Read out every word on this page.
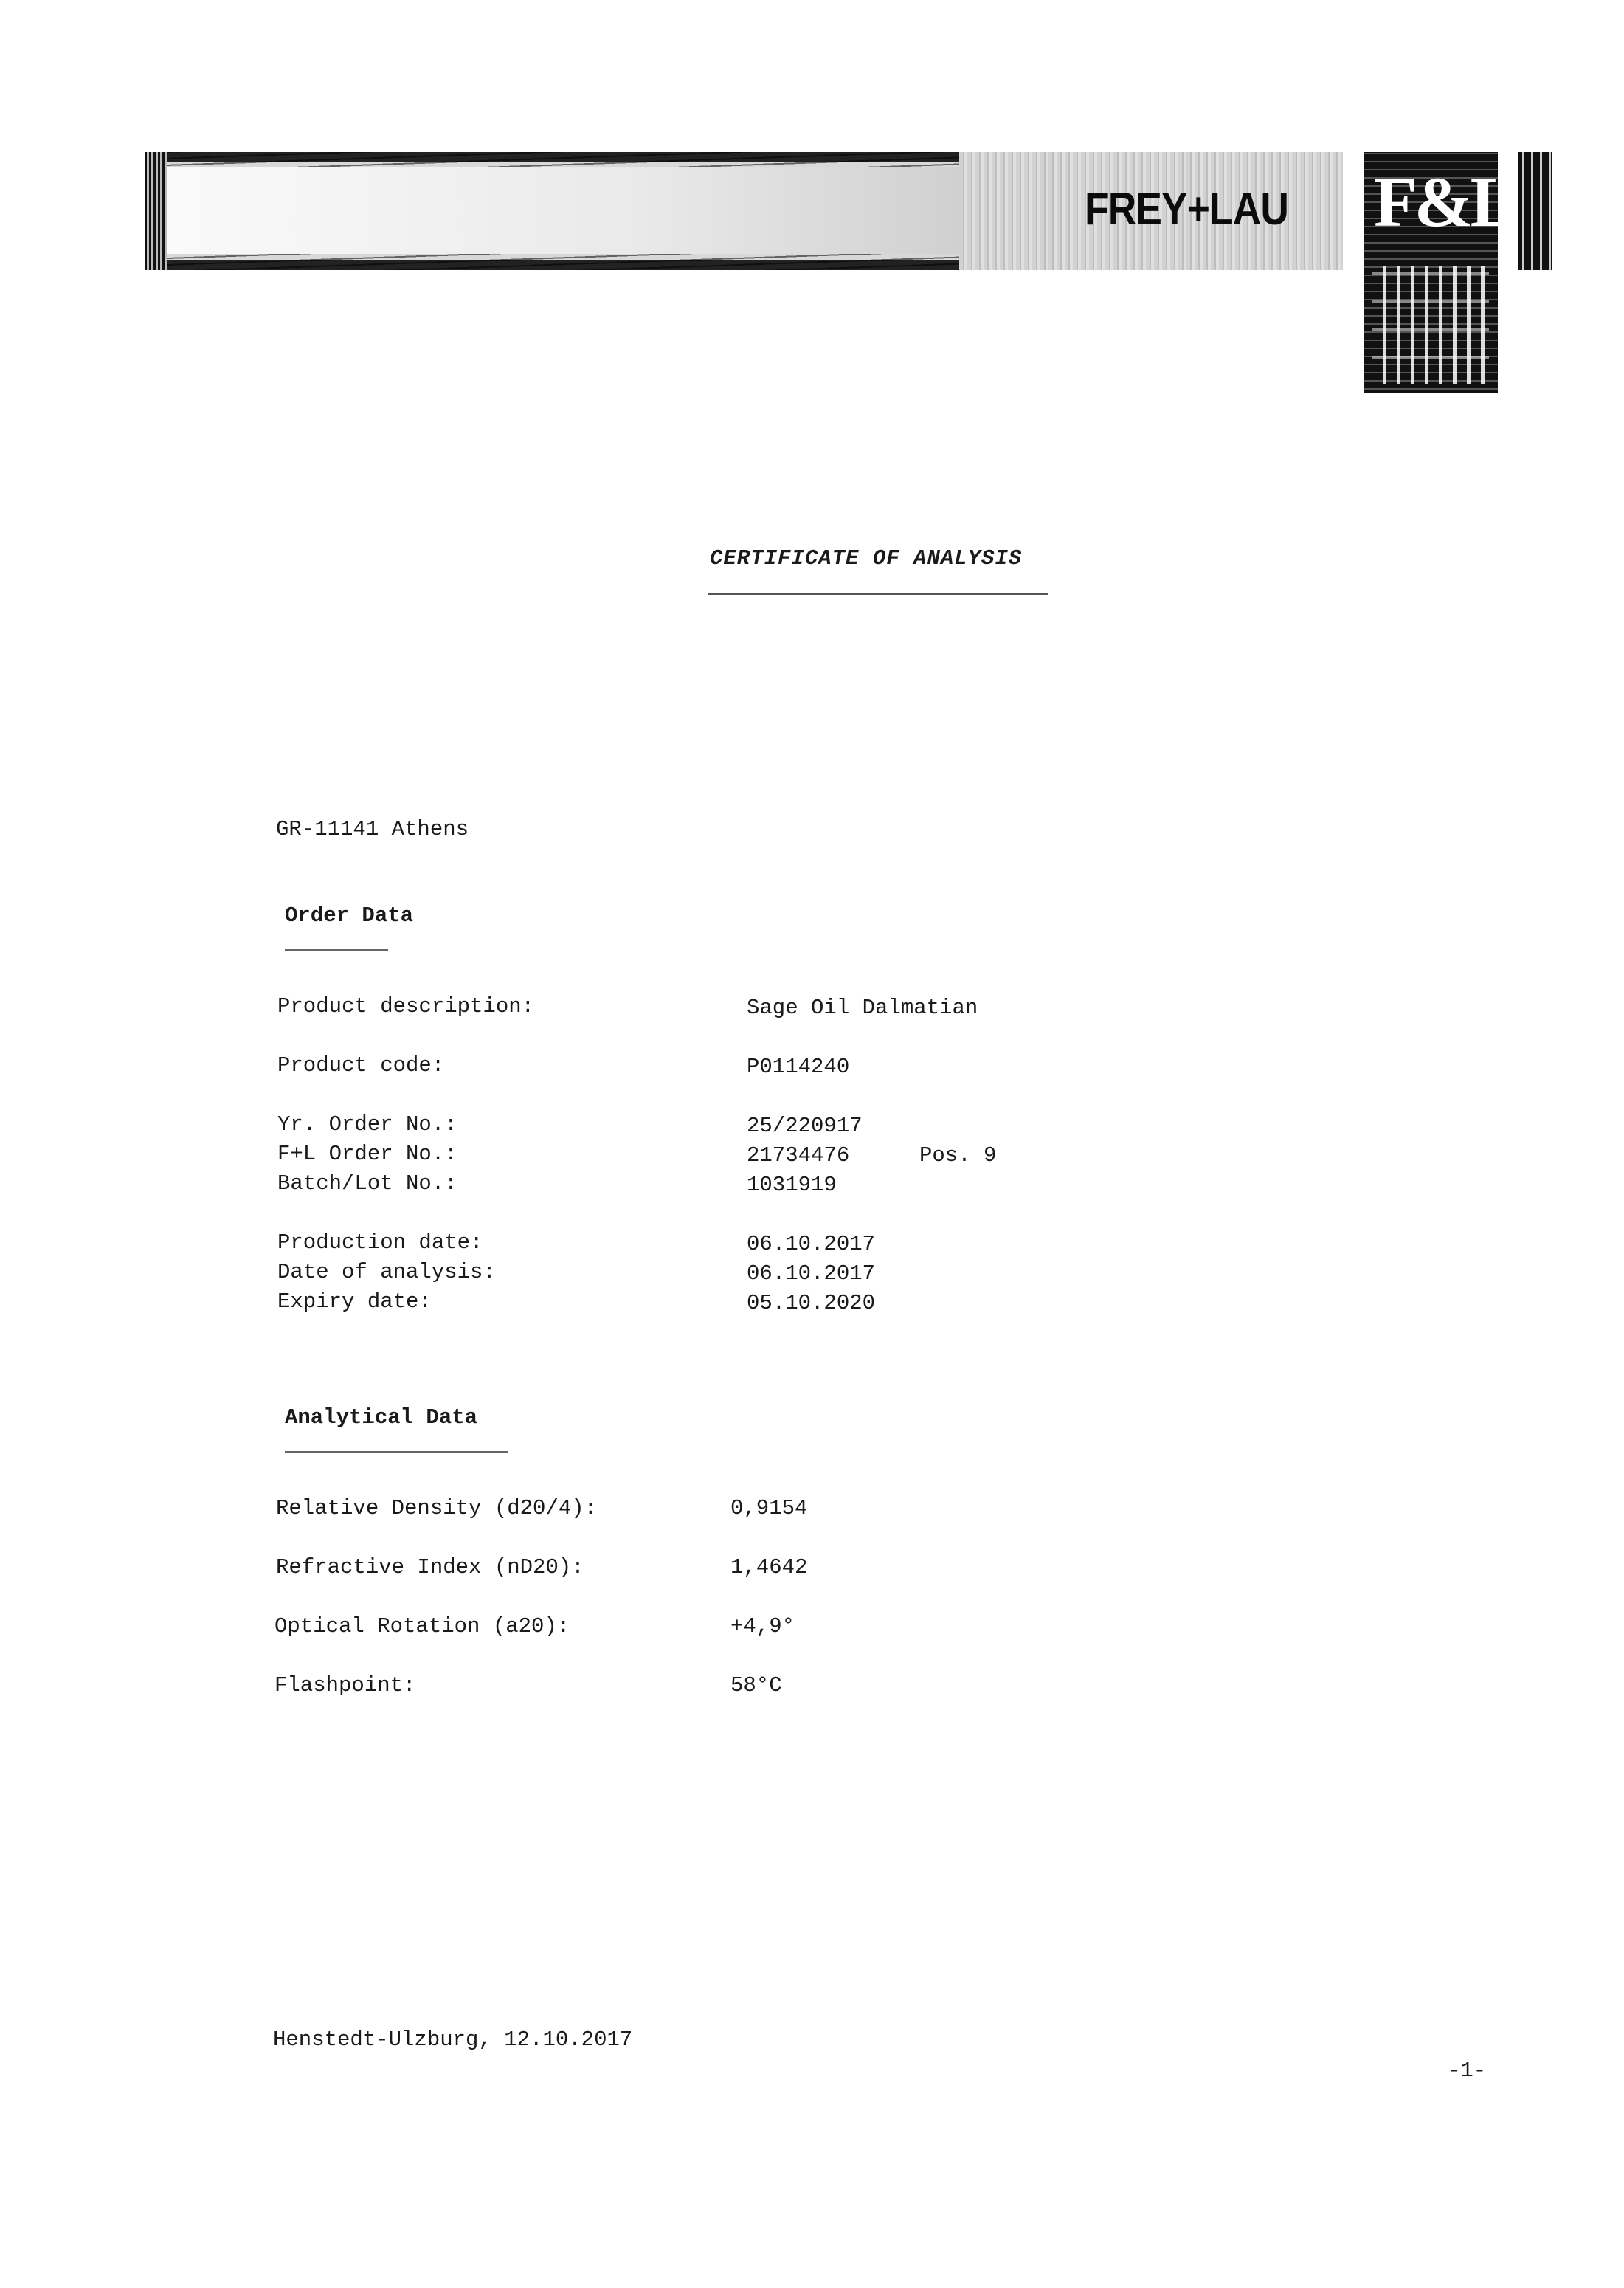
FREY+LAU F&L
CERTIFICATE OF ANALYSIS
GR-11141 Athens
Order Data
Product description:	Sage Oil Dalmatian
Product code:	P0114240
Yr. Order No.:	25/220917
F+L Order No.:	21734476	Pos. 9
Batch/Lot No.:	1031919
Production date:	06.10.2017
Date of analysis:	06.10.2017
Expiry date:	05.10.2020
Analytical Data
Relative Density (d20/4):	0,9154
Refractive Index (nD20):	1,4642
Optical Rotation (a20):	+4,9°
Flashpoint:	58°C
Henstedt-Ulzburg, 12.10.2017
-1-
